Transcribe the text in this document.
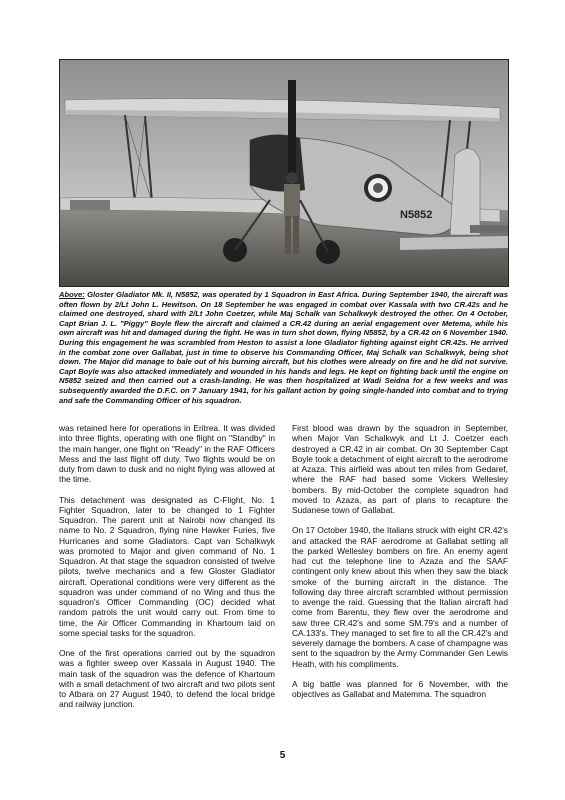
N5852

Above: Gloster Gladiator Mk. II, N5852, was operated by 1 Squadron in East Africa. During September 1940, the aircraft was often flown by 2/Lt John L. Hewitson. On 18 September he was engaged in combat over Kassala with two CR.42s and he claimed one destroyed, shard with 2/Lt John Coetzer, while Maj Schalk van Schalkwyk destroyed the other. On 4 October, Capt Brian J. L. "Piggy" Boyle flew the aircraft and claimed a CR.42 during an aerial engagement over Metema, while his own aircraft was hit and damaged during the fight. He was in turn shot down, flying N5852, by a CR.42 on 6 November 1940. During this engagement he was scrambled from Heston to assist a lone Gladiator fighting against eight CR.42s. He arrived in the combat zone over Gallabat, just in time to observe his Commanding Officer, Maj Schalk van Schalkwyk, being shot down. The Major did manage to bale out of his burning aircraft, but his clothes were already on fire and he did not survive. Capt Boyle was also attacked immediately and wounded in his hands and legs. He kept on fighting back until the engine on N5852 seized and then carried out a crash-landing. He was then hospitalized at Wadi Seidna for a few weeks and was subsequently awarded the D.F.C. on 7 January 1941, for his gallant action by going single-handed into combat and to trying and safe the Commanding Officer of his squadron.

was retained here for operations in Eritrea. It was divided into three flights, operating with one flight on "Standby" in the main hanger, one flight on "Ready" in the RAF Officers Mess and the last flight off duty. Two flights would be on duty from dawn to dusk and no night flying was allowed at the time.

This detachment was designated as C-Flight, No. 1 Fighter Squadron, later to be changed to 1 Fighter Squadron. The parent unit at Nairobi now changed its name to No. 2 Squadron, flying nine Hawker Furies, five Hurricanes and some Gladiators. Capt van Schalkwyk was promoted to Major and given command of No. 1 Squadron. At that stage the squadron consisted of twelve pilots, twelve mechanics and a few Gloster Gladiator aircraft. Operational conditions were very different as the squadron was under command of no Wing and thus the squadron's Officer Commanding (OC) decided what random patrols the unit would carry out. From time to time, the Air Officer Commanding in Khartoum laid on some special tasks for the squadron.

One of the first operations carried out by the squadron was a fighter sweep over Kassala in August 1940. The main task of the squadron was the defence of Khartoum with a small detachment of two aircraft and two pilots sent to Atbara on 27 August 1940, to defend the local bridge and railway junction.

First blood was drawn by the squadron in September, when Major Van Schalkwyk and Lt J. Coetzer each destroyed a CR.42 in air combat. On 30 September Capt Boyle took a detachment of eight aircraft to the aerodrome at Azaza. This airfield was about ten miles from Gedaref, where the RAF had based some Vickers Wellesley bombers. By mid-October the complete squadron had moved to Azaza, as part of plans to recapture the Sudanese town of Gallabat.

On 17 October 1940, the Italians struck with eight CR.42's and attacked the RAF aerodrome at Gallabat setting all the parked Wellesley bombers on fire. An enemy agent had cut the telephone line to Azaza and the SAAF contingent only knew about this when they saw the black smoke of the burning aircraft in the distance. The following day three aircraft scrambled without permission to avenge the raid. Guessing that the Italian aircraft had come from Barentu, they flew over the aerodrome and saw three CR.42's and some SM.79's and a number of CA.133's. They managed to set fire to all the CR.42's and severely damage the bombers. A case of champagne was sent to the squadron by the Army Commander Gen Lewis Heath, with his compliments.

A big battle was planned for 6 November, with the objectives as Gallabat and Matemma. The squadron

5
